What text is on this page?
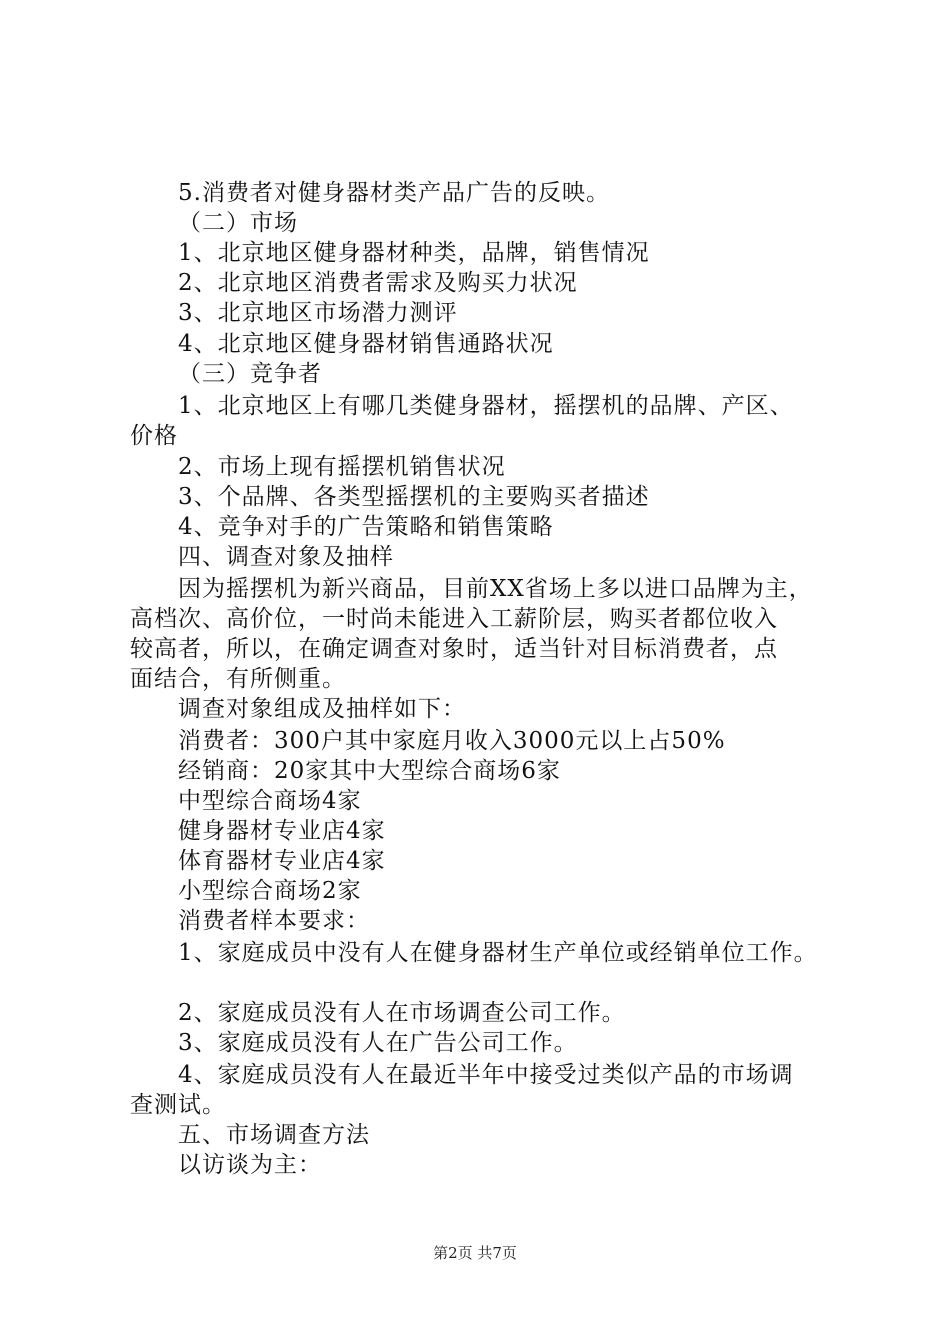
5.消费者对健身器材类产品广告的反映。
（二）市场
1、北京地区健身器材种类，品牌，销售情况
2、北京地区消费者需求及购买力状况
3、北京地区市场潜力测评
4、北京地区健身器材销售通路状况
（三）竞争者
1、北京地区上有哪几类健身器材，摇摆机的品牌、产区、
价格
2、市场上现有摇摆机销售状况
3、个品牌、各类型摇摆机的主要购买者描述
4、竞争对手的广告策略和销售策略
四、调查对象及抽样
因为摇摆机为新兴商品，目前XX省场上多以进口品牌为主，
高档次、高价位，一时尚未能进入工薪阶层，购买者都位收入
较高者，所以，在确定调查对象时，适当针对目标消费者，点
面结合，有所侧重。
调查对象组成及抽样如下：
消费者：300户其中家庭月收入3000元以上占50%
经销商：20家其中大型综合商场6家
中型综合商场4家
健身器材专业店4家
体育器材专业店4家
小型综合商场2家
消费者样本要求：
1、家庭成员中没有人在健身器材生产单位或经销单位工作。
2、家庭成员没有人在市场调查公司工作。
3、家庭成员没有人在广告公司工作。
4、家庭成员没有人在最近半年中接受过类似产品的市场调
查测试。
五、市场调查方法
以访谈为主：
第2页 共7页
